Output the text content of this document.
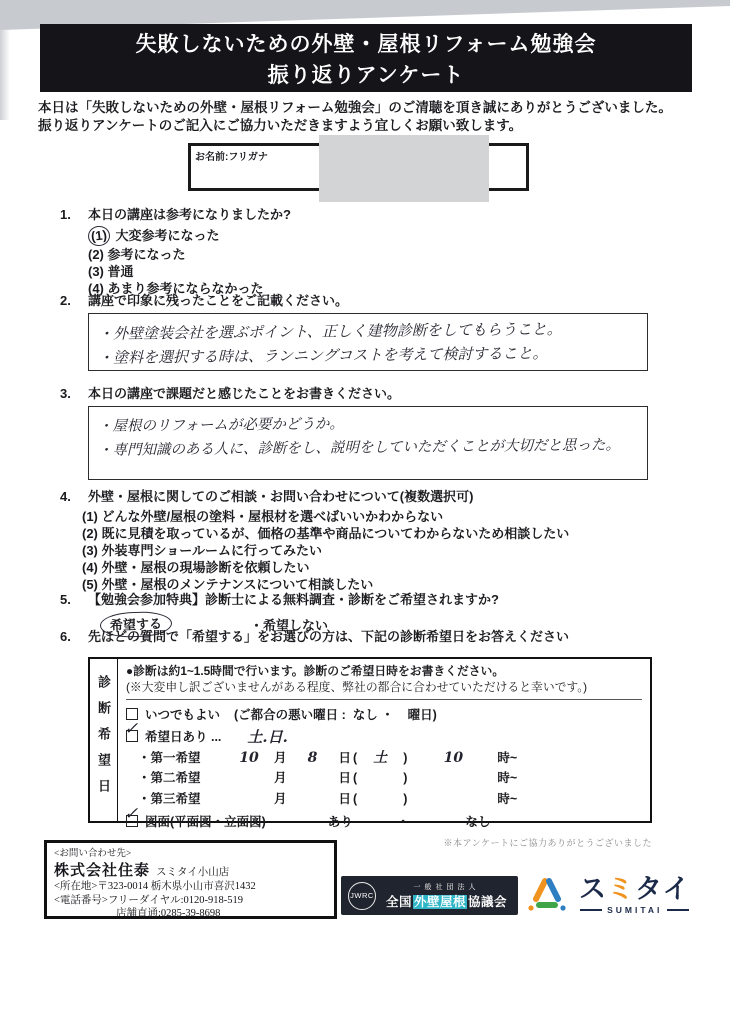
失敗しないための外壁・屋根リフォーム勉強会
振り返りアンケート
本日は「失敗しないための外壁・屋根リフォーム勉強会」のご清聴を頂き誠にありがとうございました。
振り返りアンケートのご記入にご協力いただきますよう宜しくお願い致します。
お名前:フリガナ
1.	本日の講座は参考になりましたか?
(1) 大変参考になった
(2) 参考になった
(3) 普通
(4) あまり参考にならなかった
2.	講座で印象に残ったことをご記載ください。
・外壁塗装会社を選ぶポイント、正しく建物診断をしてもらうこと。
・塗料を選択する時は、ランニングコストを考えて検討すること。
3.	本日の講座で課題だと感じたことをお書きください。
・屋根のリフォームが必要かどうか。
・専門知識のある人に、診断をし、説明をしていただくことが大切だと思った。
4.	外壁・屋根に関してのご相談・お問い合わせについて(複数選択可)
(1) どんな外壁/屋根の塗料・屋根材を選べばいいかわからない
(2) 既に見積を取っているが、価格の基準や商品についてわからないため相談したい
(3) 外装専門ショールームに行ってみたい
(4) 外壁・屋根の現場診断を依頼したい
(5) 外壁・屋根のメンテナンスについて相談したい
5.	【勉強会参加特典】診断士による無料調査・診断をご希望されますか?
希望する	・希望しない
6.	先ほどの質問で「希望する」をお選びの方は、下記の診断希望日をお答えください
診断希望日
●診断は約1~1.5時間で行います。診断のご希望日時をお書きください。
(※大変申し訳ございませんがある程度、弊社の都合に合わせていただけると幸いです。)
いつでもよい (ご都合の悪い曜日 :  なし ・    曜日)
✓ 希望日あり ... 土.日.
・第一希望	10	月	8	日 (	土	)	10	時~
・第二希望	月	日 (	)	時~
・第三希望	月	日 (	)	時~
✓ 図面(平面図・立面図)	あり	・	なし
※本アンケートにご協力ありがとうございました
<お問い合わせ先>
株式会社住泰 スミタイ小山店
<所在地>〒323-0014 栃木県小山市喜沢1432
<電話番号>フリーダイヤル:0120-918-519
店舗直通:0285-39-8698
JWRC
一般社団法人
全国 外壁屋根 協議会	スミタイ
SUMITAI
